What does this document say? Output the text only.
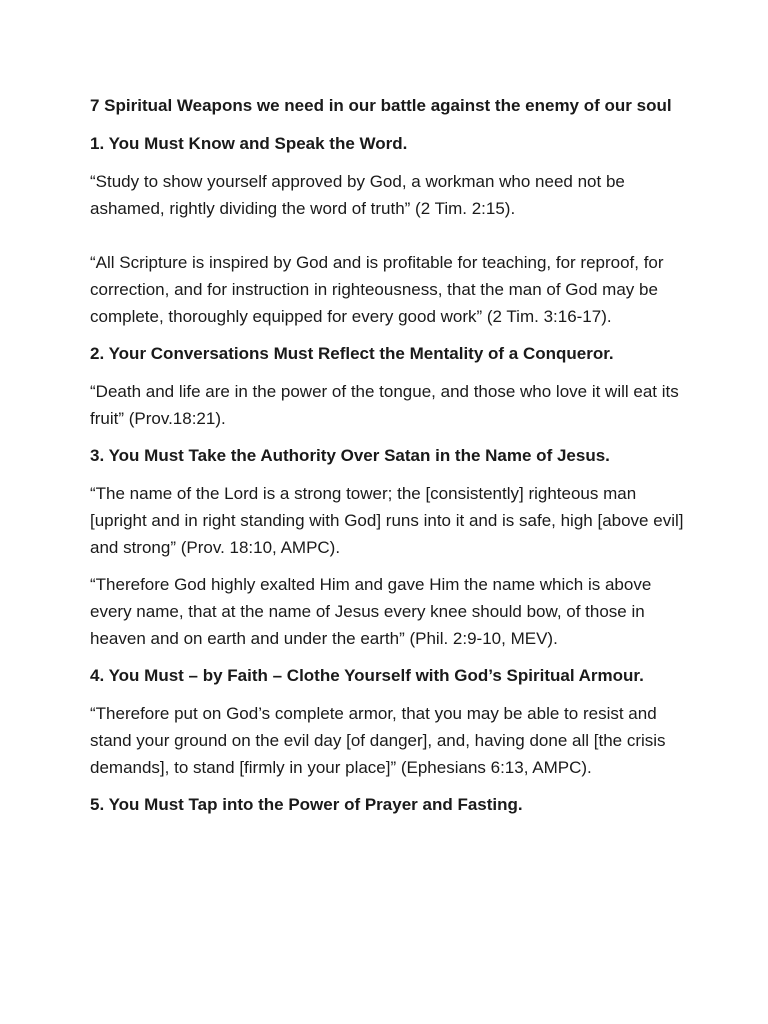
7 Spiritual Weapons we need in our battle against the enemy of our soul

1. You Must Know and Speak the Word.

“Study to show yourself approved by God, a workman who need not be ashamed, rightly dividing the word of truth” (2 Tim. 2:15).

“All Scripture is inspired by God and is profitable for teaching, for reproof, for correction, and for instruction in righteousness, that the man of God may be complete, thoroughly equipped for every good work” (2 Tim. 3:16-17).

2. Your Conversations Must Reflect the Mentality of a Conqueror.

“Death and life are in the power of the tongue, and those who love it will eat its fruit” (Prov.18:21).

3. You Must Take the Authority Over Satan in the Name of Jesus.

“The name of the Lord is a strong tower; the [consistently] righteous man [upright and in right standing with God] runs into it and is safe, high [above evil] and strong” (Prov. 18:10, AMPC).

“Therefore God highly exalted Him and gave Him the name which is above every name, that at the name of Jesus every knee should bow, of those in heaven and on earth and under the earth” (Phil. 2:9-10, MEV).

4. You Must – by Faith – Clothe Yourself with God’s Spiritual Armour.

“Therefore put on God’s complete armor, that you may be able to resist and stand your ground on the evil day [of danger], and, having done all [the crisis demands], to stand [firmly in your place]” (Ephesians 6:13, AMPC).

5. You Must Tap into the Power of Prayer and Fasting.
